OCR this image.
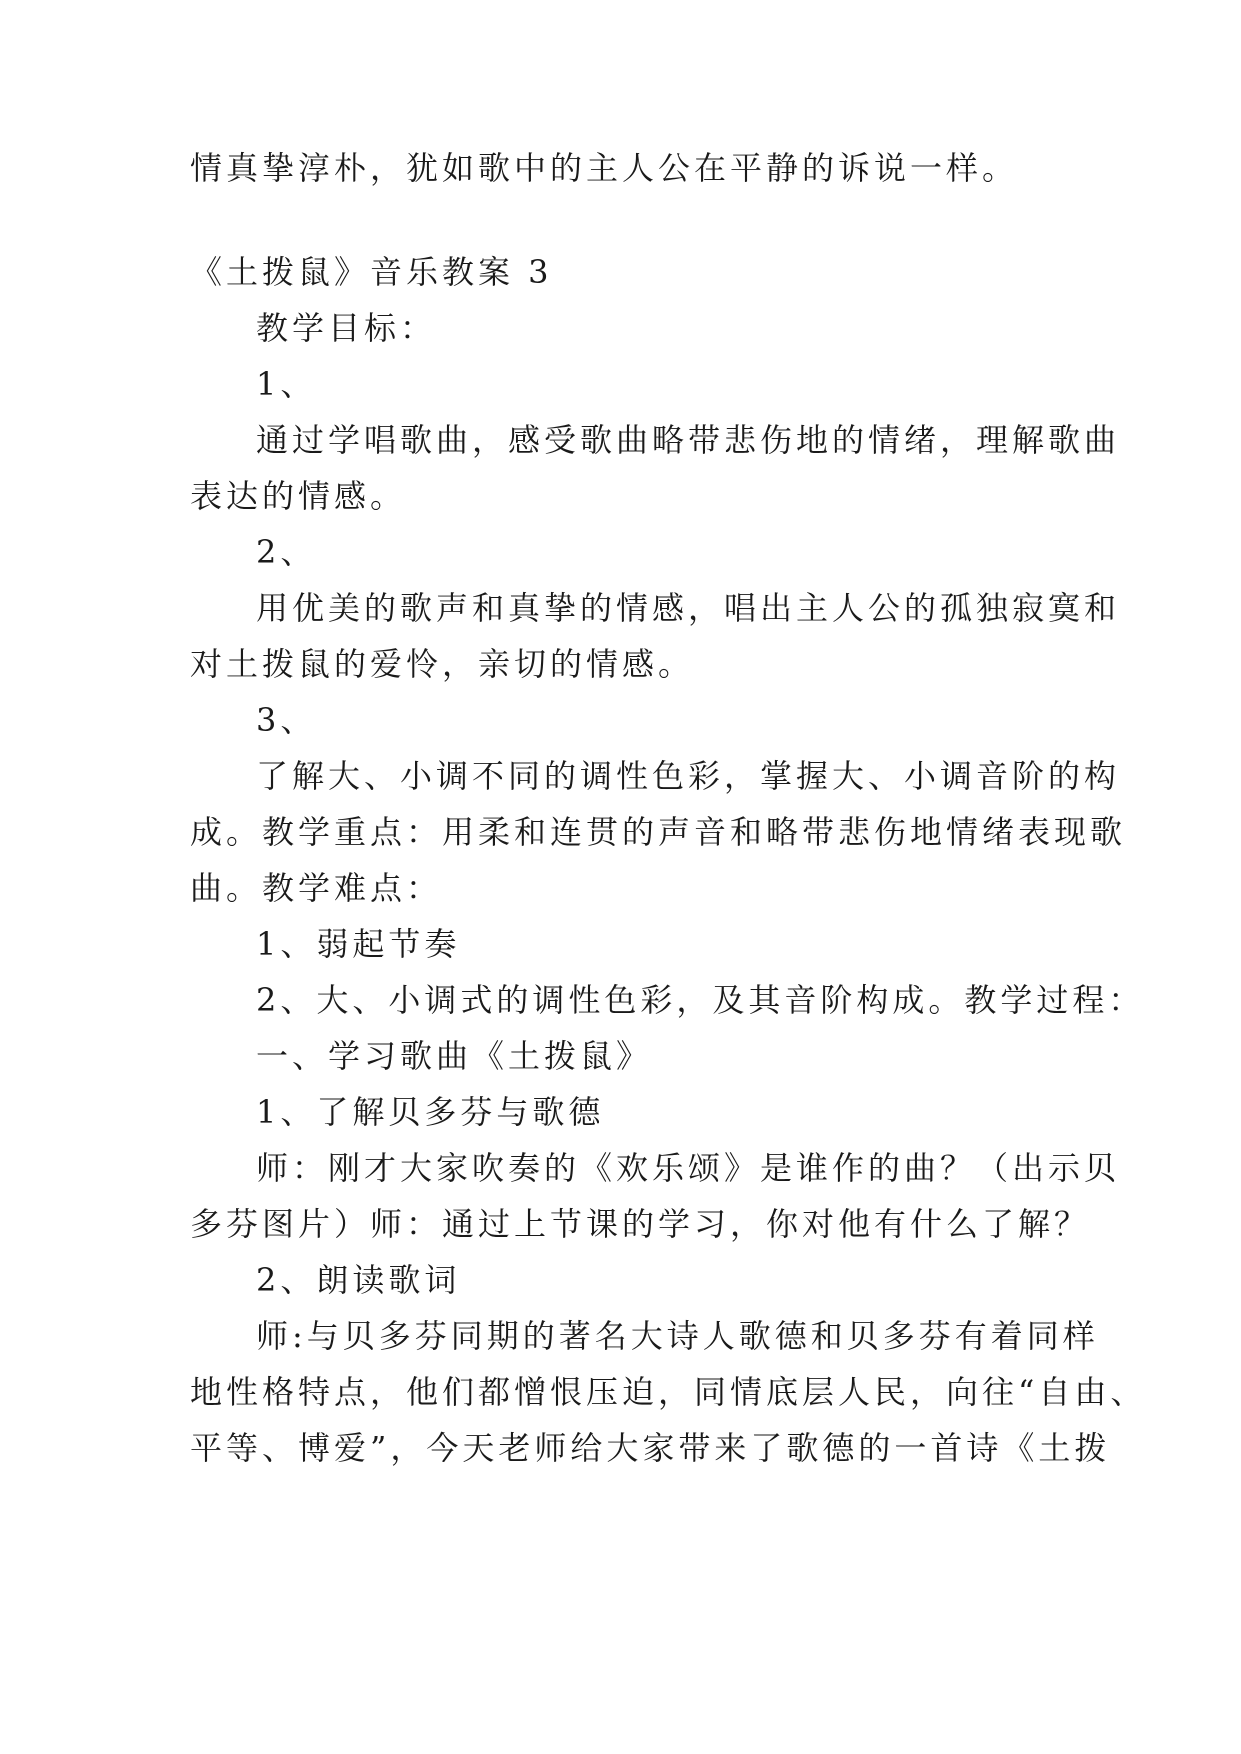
情真挚淳朴，犹如歌中的主人公在平静的诉说一样。
《土拨鼠》音乐教案 3
教学目标：
1、
通过学唱歌曲，感受歌曲略带悲伤地的情绪，理解歌曲
表达的情感。
2、
用优美的歌声和真挚的情感，唱出主人公的孤独寂寞和
对土拨鼠的爱怜，亲切的情感。
3、
了解大、小调不同的调性色彩，掌握大、小调音阶的构
成。教学重点：用柔和连贯的声音和略带悲伤地情绪表现歌
曲。教学难点：
1、弱起节奏
2、大、小调式的调性色彩，及其音阶构成。教学过程：
一、学习歌曲《土拨鼠》
1、了解贝多芬与歌德
师：刚才大家吹奏的《欢乐颂》是谁作的曲？（出示贝
多芬图片）师：通过上节课的学习，你对他有什么了解？
2、朗读歌词
师:与贝多芬同期的著名大诗人歌德和贝多芬有着同样
地性格特点，他们都憎恨压迫，同情底层人民，向往“自由、
平等、博爱”，今天老师给大家带来了歌德的一首诗《土拨
